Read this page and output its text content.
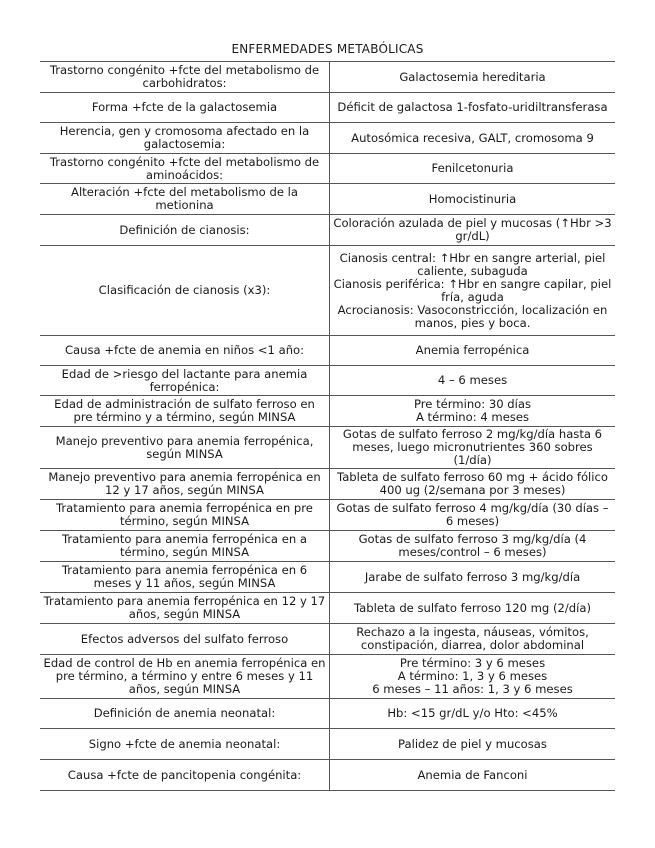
ENFERMEDADES METABÓLICAS
Trastorno congénito +fcte del metabolismo de carbohidratos:	Galactosemia hereditaria
Forma +fcte de la galactosemia	Déficit de galactosa 1-fosfato-uridiltransferasa
Herencia, gen y cromosoma afectado en la galactosemia:	Autosómica recesiva, GALT, cromosoma 9
Trastorno congénito +fcte del metabolismo de aminoácidos:	Fenilcetonuria
Alteración +fcte del metabolismo de la metionina	Homocistinuria
Definición de cianosis:	Coloración azulada de piel y mucosas (↑Hbr >3 gr/dL)
Clasificación de cianosis (x3):	Cianosis central: ↑Hbr en sangre arterial, piel caliente, subaguda
Cianosis periférica: ↑Hbr en sangre capilar, piel fría, aguda
Acrocianosis: Vasoconstricción, localización en manos, pies y boca.

Causa +fcte de anemia en niños <1 año:	Anemia ferropénica
Edad de >riesgo del lactante para anemia ferropénica:	4 – 6 meses
Edad de administración de sulfato ferroso en pre término y a término, según MINSA	Pre término: 30 días
A término: 4 meses

Manejo preventivo para anemia ferropénica, según MINSA	Gotas de sulfato ferroso 2 mg/kg/día hasta 6 meses, luego micronutrientes 360 sobres (1/día)
Manejo preventivo para anemia ferropénica en 12 y 17 años, según MINSA	Tableta de sulfato ferroso 60 mg + ácido fólico 400 ug (2/semana por 3 meses)
Tratamiento para anemia ferropénica en pre término, según MINSA	Gotas de sulfato ferroso 4 mg/kg/día (30 días – 6 meses)
Tratamiento para anemia ferropénica en a término, según MINSA	Gotas de sulfato ferroso 3 mg/kg/día (4 meses/control – 6 meses)
Tratamiento para anemia ferropénica en 6 meses y 11 años, según MINSA	Jarabe de sulfato ferroso 3 mg/kg/día
Tratamiento para anemia ferropénica en 12 y 17 años, según MINSA	Tableta de sulfato ferroso 120 mg (2/día)
Efectos adversos del sulfato ferroso	Rechazo a la ingesta, náuseas, vómitos, constipación, diarrea, dolor abdominal
Edad de control de Hb en anemia ferropénica en pre término, a término y entre 6 meses y 11 años, según MINSA	Pre término: 3 y 6 meses
A término: 1, 3 y 6 meses
6 meses – 11 años: 1, 3 y 6 meses

Definición de anemia neonatal:	Hb: <15 gr/dL y/o Hto: <45%
Signo +fcte de anemia neonatal:	Palidez de piel y mucosas
Causa +fcte de pancitopenia congénita:	Anemia de Fanconi
